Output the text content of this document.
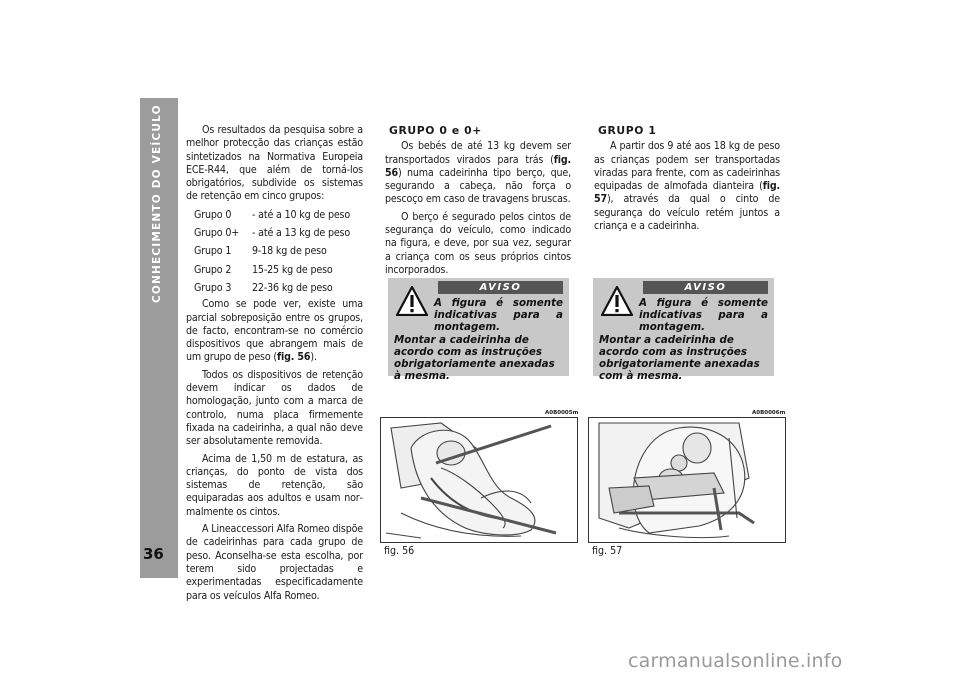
CONHECIMENTO DO VEÍCULO
36

Os resultados da pesquisa sobre a melhor protecção das crianças estão sintetizados na Normativa Europeia ECE-R44, que além de torná-los obrigatórios, subdivide os sistemas de retenção em cinco grupos:

Grupo 0	- até a 10 kg de peso
Grupo 0+	- até a 13 kg de peso
Grupo 1	9-18 kg de peso
Grupo 2	15-25 kg de peso
Grupo 3	22-36 kg de peso

Como se pode ver, existe uma parcial sobreposição entre os grupos, de facto, encontram-se no comércio dispositivos que abrangem mais de um grupo de peso (fig. 56).

Todos os dispositivos de retenção devem indicar os dados de homologação, junto com a marca de controlo, numa placa firmemente fixada na cadeirinha, a qual não deve ser absolutamente removida.

Acima de 1,50 m de estatura, as crianças, do ponto de vista dos sistemas de retenção, são equiparadas aos adultos e usam normalmente os cintos.

A Lineaccessori Alfa Romeo dispõe de cadeirinhas para cada grupo de peso. Aconselha-se esta escolha, por terem sido projectadas e experimentadas especificadamente para os veículos Alfa Romeo.

GRUPO 0 e 0+

Os bebés de até 13 kg devem ser transportados virados para trás (fig. 56) numa cadeirinha tipo berço, que, segurando a cabeça, não força o pescoço em caso de travagens bruscas.

O berço é segurado pelos cintos de segurança do veículo, como indicado na figura, e deve, por sua vez, segurar a criança com os seus próprios cintos incorporados.

AVISO
A figura é somente indicativas para a montagem.
Montar a cadeirinha de acordo com as instruções obrigatoriamente anexadas à mesma.
A0B0005m
fig. 56
GRUPO 1

A partir dos 9 até aos 18 kg de peso as crianças podem ser transportadas viradas para frente, com as cadeirinhas equipadas de almofada dianteira (fig. 57), através da qual o cinto de segurança do veículo retém juntos a criança e a cadeirinha.

AVISO
A figura é somente indicativas para a montagem.
Montar a cadeirinha de acordo com as instruções obrigatoriamente anexadas com à mesma.
A0B0006m
fig. 57
carmanualsonline.info
